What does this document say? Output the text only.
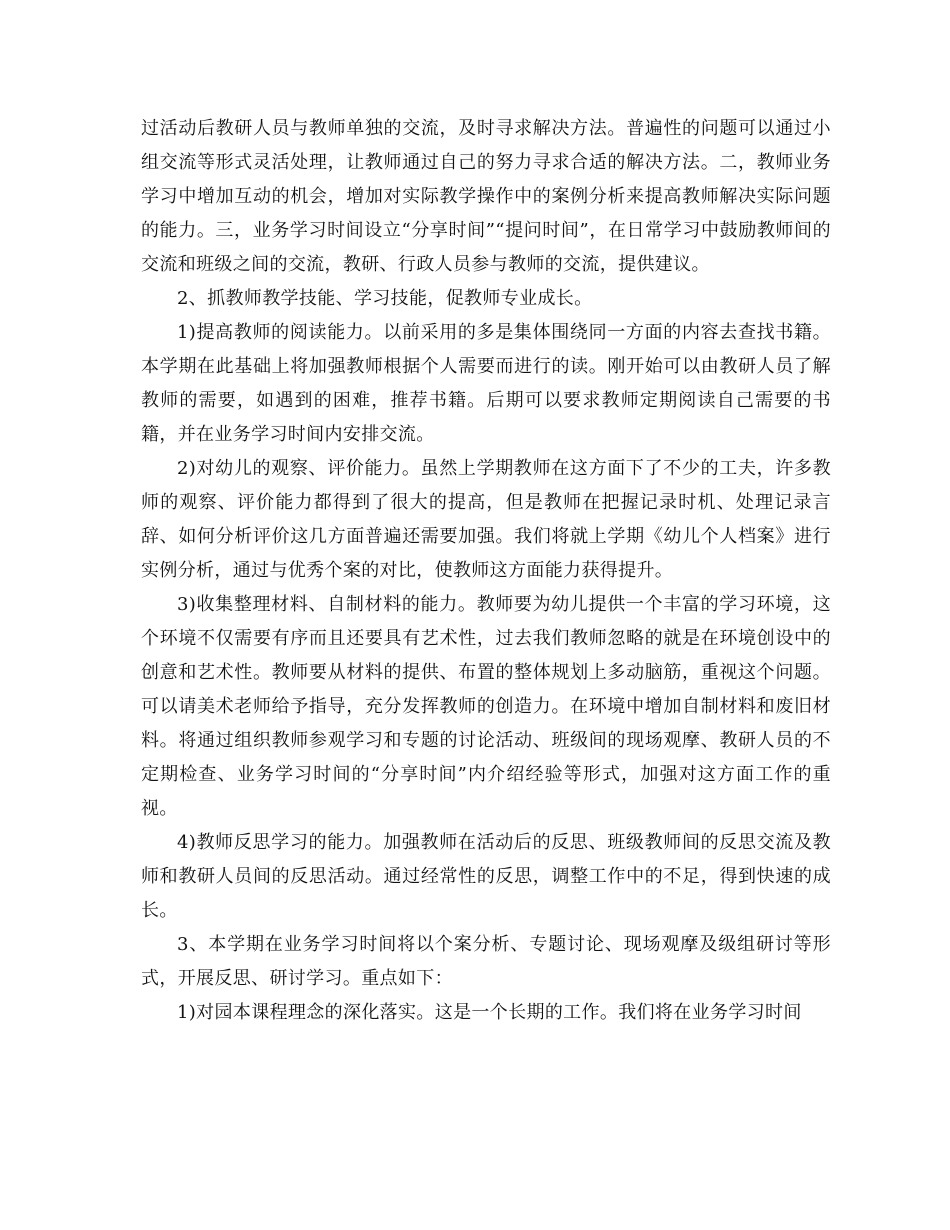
过活动后教研人员与教师单独的交流，及时寻求解决方法。普遍性的问题可以通过小组交流等形式灵活处理，让教师通过自己的努力寻求合适的解决方法。二，教师业务学习中增加互动的机会，增加对实际教学操作中的案例分析来提高教师解决实际问题的能力。三，业务学习时间设立“分享时间”“提问时间”，在日常学习中鼓励教师间的交流和班级之间的交流，教研、行政人员参与教师的交流，提供建议。

2、抓教师教学技能、学习技能，促教师专业成长。

1)提高教师的阅读能力。以前采用的多是集体围绕同一方面的内容去查找书籍。本学期在此基础上将加强教师根据个人需要而进行的读。刚开始可以由教研人员了解教师的需要，如遇到的困难，推荐书籍。后期可以要求教师定期阅读自己需要的书籍，并在业务学习时间内安排交流。

2)对幼儿的观察、评价能力。虽然上学期教师在这方面下了不少的工夫，许多教师的观察、评价能力都得到了很大的提高，但是教师在把握记录时机、处理记录言辞、如何分析评价这几方面普遍还需要加强。我们将就上学期《幼儿个人档案》进行实例分析，通过与优秀个案的对比，使教师这方面能力获得提升。

3)收集整理材料、自制材料的能力。教师要为幼儿提供一个丰富的学习环境，这个环境不仅需要有序而且还要具有艺术性，过去我们教师忽略的就是在环境创设中的创意和艺术性。教师要从材料的提供、布置的整体规划上多动脑筋，重视这个问题。可以请美术老师给予指导，充分发挥教师的创造力。在环境中增加自制材料和废旧材料。将通过组织教师参观学习和专题的讨论活动、班级间的现场观摩、教研人员的不定期检查、业务学习时间的“分享时间”内介绍经验等形式，加强对这方面工作的重视。

4)教师反思学习的能力。加强教师在活动后的反思、班级教师间的反思交流及教师和教研人员间的反思活动。通过经常性的反思，调整工作中的不足，得到快速的成长。

3、本学期在业务学习时间将以个案分析、专题讨论、现场观摩及级组研讨等形式，开展反思、研讨学习。重点如下：

1)对园本课程理念的深化落实。这是一个长期的工作。我们将在业务学习时间
